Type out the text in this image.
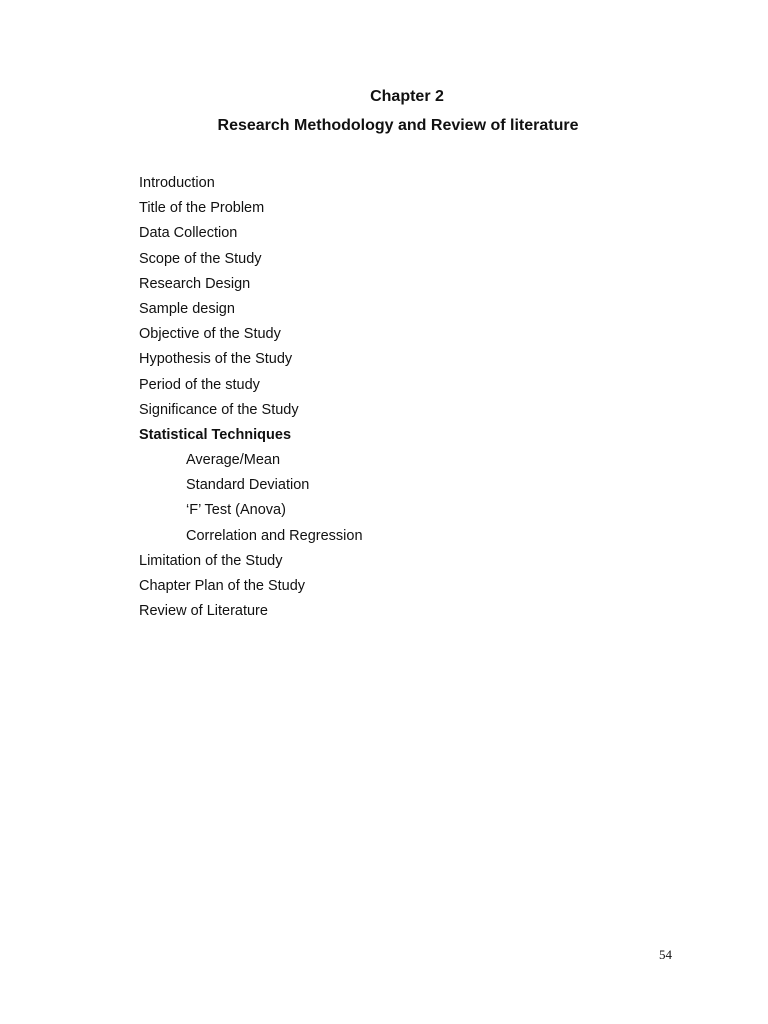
Chapter 2
Research Methodology and Review of literature
Introduction
Title of the Problem
Data Collection
Scope of the Study
Research Design
Sample design
Objective of the Study
Hypothesis of the Study
Period of the study
Significance of the Study
Statistical Techniques
Average/Mean
Standard Deviation
‘F’ Test (Anova)
Correlation and Regression
Limitation of the Study
Chapter Plan of the Study
Review of Literature
54
